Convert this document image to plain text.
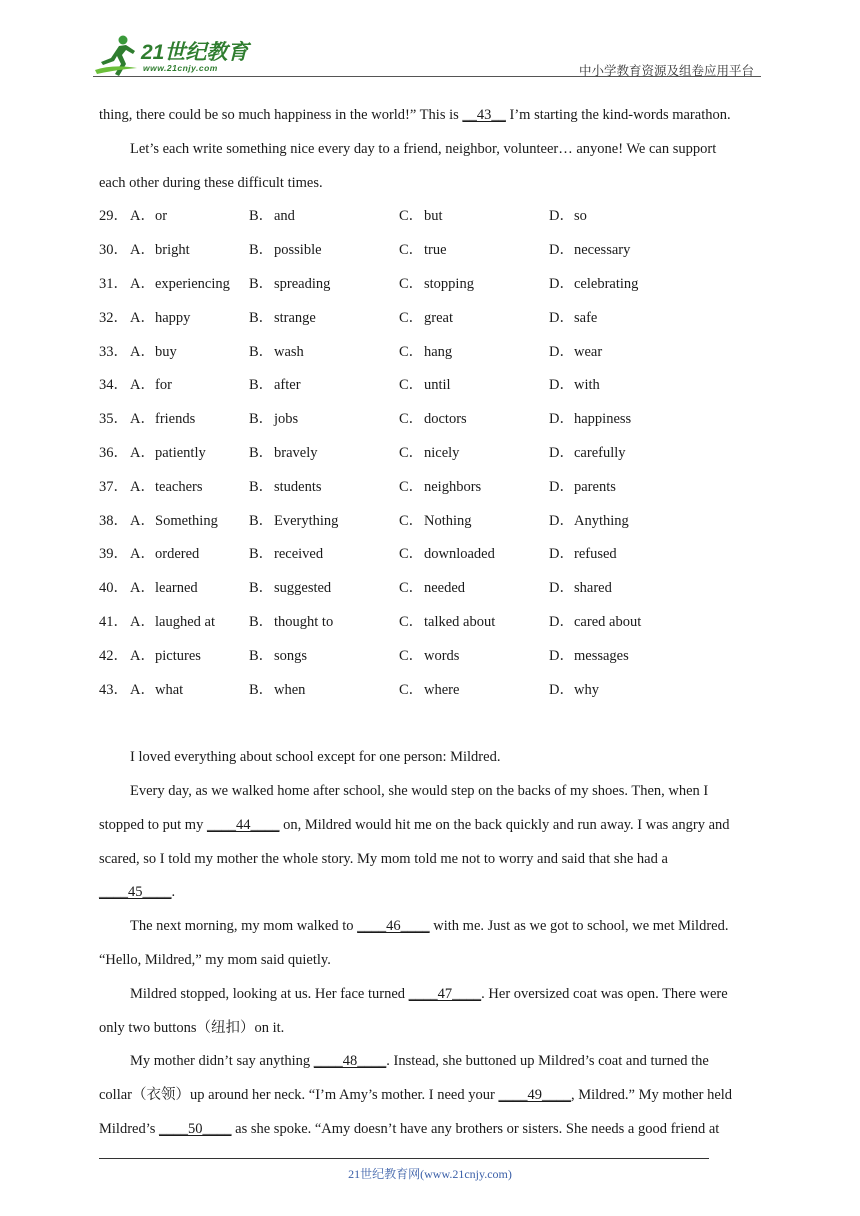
21世纪教育
www.21cnjy.com	中小学教育资源及组卷应用平台

thing, there could be so much happiness in the world!” This is __43__ I’m starting the kind-words marathon.

Let’s each write something nice every day to a friend, neighbor, volunteer… anyone! We can support

each other during these difficult times.

29． A． or	B． and	C． but	D． so
30． A． bright	B． possible	C． true	D． necessary
31． A． experiencing B． spreading	C． stopping	D． celebrating
32． A． happy	B． strange	C． great	D． safe
33． A． buy	B． wash	C． hang	D． wear
34． A． for	B． after	C． until	D． with
35． A． friends	B． jobs	C． doctors	D． happiness
36． A． patiently	B． bravely	C． nicely	D． carefully
37． A． teachers	B． students	C． neighbors	D． parents
38． A． Something B． Everything	C． Nothing	D． Anything
39． A． ordered	B． received	C． downloaded	D． refused
40． A． learned	B． suggested	C． needed	D． shared
41． A． laughed at B． thought to	C． talked about	D． cared about
42． A． pictures	B． songs	C． words	D． messages
43． A． what	B． when	C． where	D． why

I loved everything about school except for one person: Mildred.

Every day, as we walked home after school, she would step on the backs of my shoes. Then, when I

stopped to put my ____44____ on, Mildred would hit me on the back quickly and run away. I was angry and

scared, so I told my mother the whole story. My mom told me not to worry and said that she had a

____45____.

The next morning, my mom walked to ____46____ with me. Just as we got to school, we met Mildred.

“Hello, Mildred,” my mom said quietly.

Mildred stopped, looking at us. Her face turned ____47____. Her oversized coat was open. There were

only two buttons（纽扣）on it.

My mother didn’t say anything ____48____. Instead, she buttoned up Mildred’s coat and turned the

collar（衣领）up around her neck. “I’m Amy’s mother. I need your ____49____, Mildred.” My mother held

Mildred’s ____50____ as she spoke. “Amy doesn’t have any brothers or sisters. She needs a good friend at

21世纪教育网(www.21cnjy.com)
